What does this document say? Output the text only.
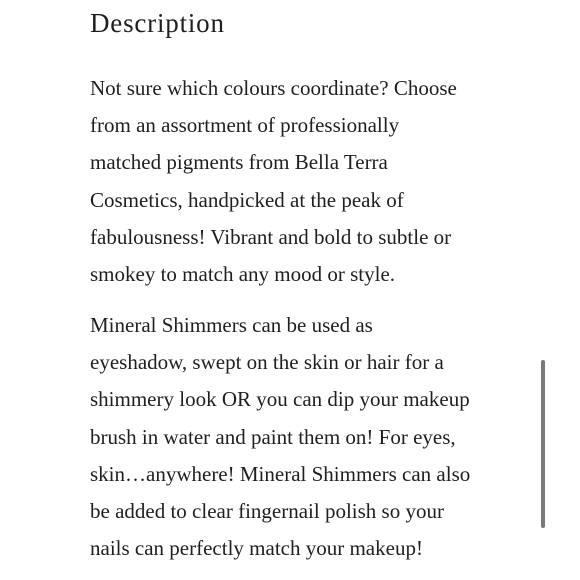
Description

Not sure which colours coordinate? Choose
from an assortment of professionally
matched pigments from Bella Terra
Cosmetics, handpicked at the peak of
fabulousness! Vibrant and bold to subtle or
smokey to match any mood or style.

Mineral Shimmers can be used as
eyeshadow, swept on the skin or hair for a
shimmery look OR you can dip your makeup
brush in water and paint them on! For eyes,
skin…anywhere! Mineral Shimmers can also
be added to clear fingernail polish so your
nails can perfectly match your makeup!
